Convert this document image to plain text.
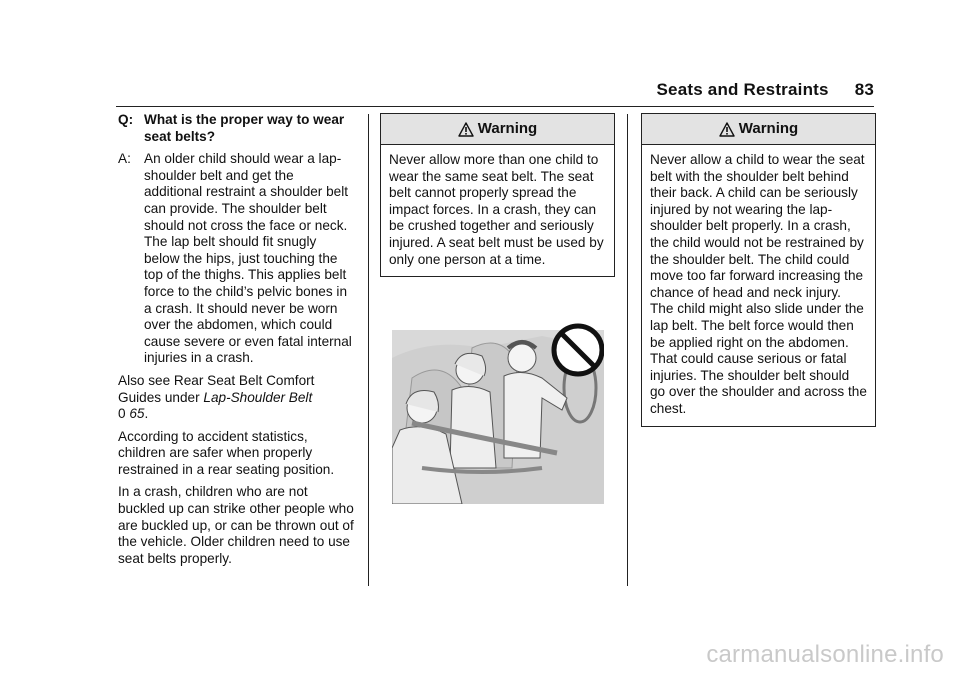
Seats and Restraints 83
Q: What is the proper way to wear seat belts?
A: An older child should wear a lap-shoulder belt and get the additional restraint a shoulder belt can provide. The shoulder belt should not cross the face or neck. The lap belt should fit snugly below the hips, just touching the top of the thighs. This applies belt force to the child’s pelvic bones in a crash. It should never be worn over the abdomen, which could cause severe or even fatal internal injuries in a crash.

Also see Rear Seat Belt Comfort Guides under Lap-Shoulder Belt
0 65.

According to accident statistics, children are safer when properly restrained in a rear seating position.

In a crash, children who are not buckled up can strike other people who are buckled up, or can be thrown out of the vehicle. Older children need to use seat belts properly.

Warning
Never allow more than one child to wear the same seat belt. The seat belt cannot properly spread the impact forces. In a crash, they can be crushed together and seriously injured. A seat belt must be used by only one person at a time.
Warning
Never allow a child to wear the seat belt with the shoulder belt behind their back. A child can be seriously injured by not wearing the lap-shoulder belt properly. In a crash, the child would not be restrained by the shoulder belt. The child could move too far forward increasing the chance of head and neck injury. The child might also slide under the lap belt. The belt force would then be applied right on the abdomen. That could cause serious or fatal injuries. The shoulder belt should go over the shoulder and across the chest.
carmanualsonline.info
